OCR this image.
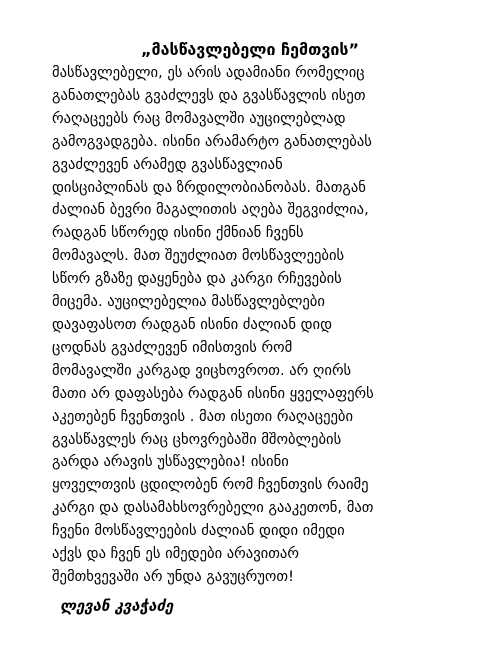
„მასწავლებელი ჩემთვის”
მასწავლებელი, ეს არის ადამიანი რომელიც
განათლებას გვაძლევს და გვასწავლის ისეთ
რაღაცეებს რაც მომავალში აუცილებლად
გამოგვადგება. ისინი არამარტო განათლებას
გვაძლევენ არამედ გვასწავლიან
დისციპლინას და ზრდილობიანობას. მათგან
ძალიან ბევრი მაგალითის აღება შეგვიძლია,
რადგან სწორედ ისინი ქმნიან ჩვენს
მომავალს. მათ შეუძლიათ მოსწავლეების
სწორ გზაზე დაყენება და კარგი რჩევების
მიცემა. აუცილებელია მასწავლებლები
დავაფასოთ რადგან ისინი ძალიან დიდ
ცოდნას გვაძლევენ იმისთვის რომ
მომავალში კარგად ვიცხოვროთ. არ ღირს
მათი არ დაფასება რადგან ისინი ყველაფერს
აკეთებენ ჩვენთვის . მათ ისეთი რაღაცეები
გვასწავლეს რაც ცხოვრებაში მშობლების
გარდა არავის უსწავლებია! ისინი
ყოველთვის ცდილობენ რომ ჩვენთვის რაიმე
კარგი და დასამახსოვრებელი გააკეთონ, მათ
ჩვენი მოსწავლეების ძალიან დიდი იმედი
აქვს და ჩვენ ეს იმედები არავითარ
შემთხვევაში არ უნდა გავუცრუოთ!
ლევან კვაჭაძე
